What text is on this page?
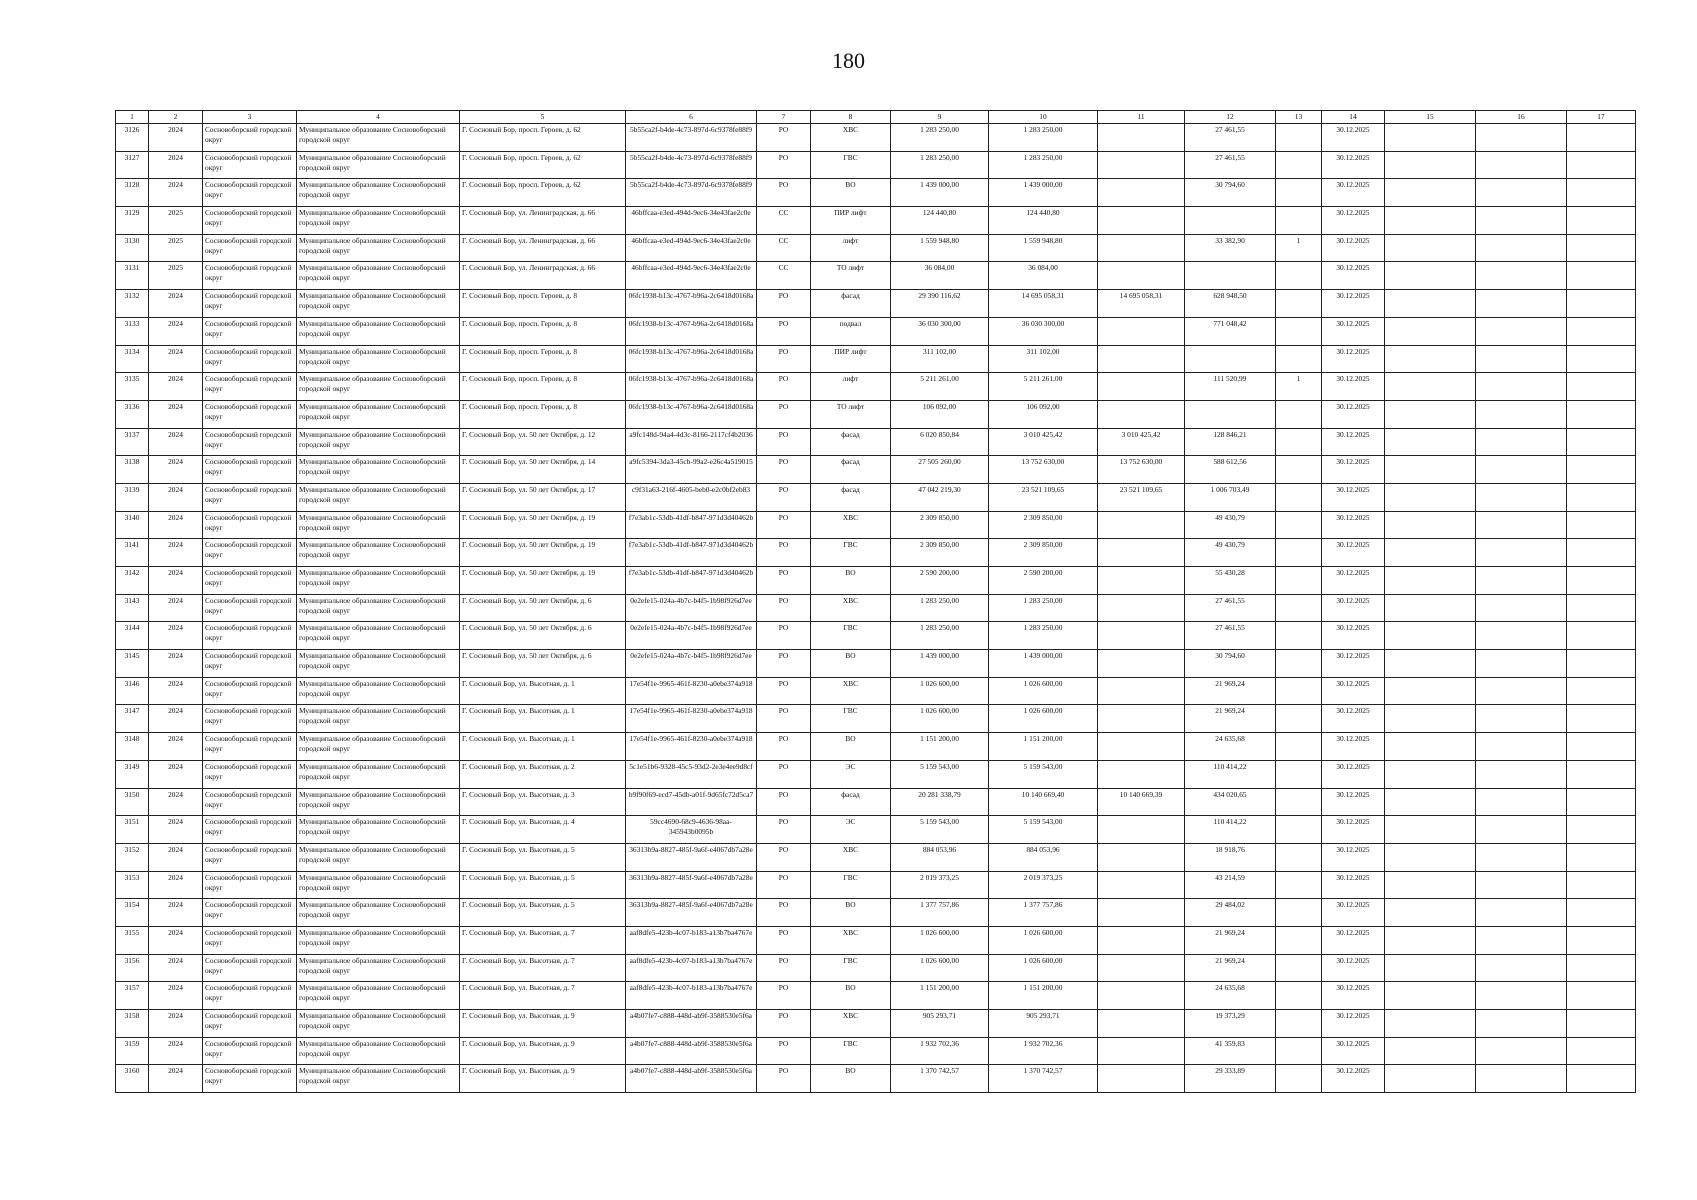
180
1	2	3	4	5	6	7	8	9	10	11	12	13	14	15	16	17
3126	2024	Сосновоборский городской округ	Муниципальное образование Сосновоборский городской округ	Г. Сосновый Бор, просп. Героев, д. 62	5b55ca2f-b4de-4c73-897d-6c9378fe88f9	РО	ХВС	1 283 250,00	1 283 250,00		27 461,55		30.12.2025			
3127	2024	Сосновоборский городской округ	Муниципальное образование Сосновоборский городской округ	Г. Сосновый Бор, просп. Героев, д. 62	5b55ca2f-b4de-4c73-897d-6c9378fe88f9	РО	ГВС	1 283 250,00	1 283 250,00		27 461,55		30.12.2025			
3128	2024	Сосновоборский городской округ	Муниципальное образование Сосновоборский городской округ	Г. Сосновый Бор, просп. Героев, д. 62	5b55ca2f-b4de-4c73-897d-6c9378fe88f9	РО	ВО	1 439 000,00	1 439 000,00		30 794,60		30.12.2025			
3129	2025	Сосновоборский городской округ	Муниципальное образование Сосновоборский городской округ	Г. Сосновый Бор, ул. Ленинградская, д. 66	46bffcaa-e3ed-494d-9ec6-34e43fae2c0e	СС	ПИР лифт	124 440,80	124 440,80				30.12.2025			
3130	2025	Сосновоборский городской округ	Муниципальное образование Сосновоборский городской округ	Г. Сосновый Бор, ул. Ленинградская, д. 66	46bffcaa-e3ed-494d-9ec6-34e43fae2c0e	СС	лифт	1 559 948,80	1 559 948,80		33 382,90	1	30.12.2025			
3131	2025	Сосновоборский городской округ	Муниципальное образование Сосновоборский городской округ	Г. Сосновый Бор, ул. Ленинградская, д. 66	46bffcaa-e3ed-494d-9ec6-34e43fae2c0e	СС	ТО лифт	36 084,00	36 084,00				30.12.2025			
3132	2024	Сосновоборский городской округ	Муниципальное образование Сосновоборский городской округ	Г. Сосновый Бор, просп. Героев, д. 8	06fc1938-b13c-4767-b96a-2c6418d0168a	РО	фасад	29 390 116,62	14 695 058,31	14 695 058,31	628 948,50		30.12.2025			
3133	2024	Сосновоборский городской округ	Муниципальное образование Сосновоборский городской округ	Г. Сосновый Бор, просп. Героев, д. 8	06fc1938-b13c-4767-b96a-2c6418d0168a	РО	подвал	36 030 300,00	36 030 300,00		771 048,42		30.12.2025			
3134	2024	Сосновоборский городской округ	Муниципальное образование Сосновоборский городской округ	Г. Сосновый Бор, просп. Героев, д. 8	06fc1938-b13c-4767-b96a-2c6418d0168a	РО	ПИР лифт	311 102,00	311 102,00				30.12.2025			
3135	2024	Сосновоборский городской округ	Муниципальное образование Сосновоборский городской округ	Г. Сосновый Бор, просп. Героев, д. 8	06fc1938-b13c-4767-b96a-2c6418d0168a	РО	лифт	5 211 261,00	5 211 261,00		111 520,99	1	30.12.2025			
3136	2024	Сосновоборский городской округ	Муниципальное образование Сосновоборский городской округ	Г. Сосновый Бор, просп. Героев, д. 8	06fc1938-b13c-4767-b96a-2c6418d0168a	РО	ТО лифт	106 092,00	106 092,00				30.12.2025			
3137	2024	Сосновоборский городской округ	Муниципальное образование Сосновоборский городской округ	Г. Сосновый Бор, ул. 50 лет Октября, д. 12	a9fc148d-94a4-4d3c-8166-2117cf4b2036	РО	фасад	6 020 850,84	3 010 425,42	3 010 425,42	128 846,21		30.12.2025			
3138	2024	Сосновоборский городской округ	Муниципальное образование Сосновоборский городской округ	Г. Сосновый Бор, ул. 50 лет Октября, д. 14	a9fc5394-3da3-45cb-99a2-e26c4a519015	РО	фасад	27 505 260,00	13 752 630,00	13 752 630,00	588 612,56		30.12.2025			
3139	2024	Сосновоборский городской округ	Муниципальное образование Сосновоборский городской округ	Г. Сосновый Бор, ул. 50 лет Октября, д. 17	c9f31a63-216f-4605-beb0-e2c0bf2eb83	РО	фасад	47 042 219,30	23 521 109,65	23 521 109,65	1 006 703,49		30.12.2025			
3140	2024	Сосновоборский городской округ	Муниципальное образование Сосновоборский городской округ	Г. Сосновый Бор, ул. 50 лет Октября, д. 19	f7e3ab1c-53db-41df-b847-971d3d40462b	РО	ХВС	2 309 850,00	2 309 850,00		49 430,79		30.12.2025			
3141	2024	Сосновоборский городской округ	Муниципальное образование Сосновоборский городской округ	Г. Сосновый Бор, ул. 50 лет Октября, д. 19	f7e3ab1c-53db-41df-b847-971d3d40462b	РО	ГВС	2 309 850,00	2 309 850,00		49 430,79		30.12.2025			
3142	2024	Сосновоборский городской округ	Муниципальное образование Сосновоборский городской округ	Г. Сосновый Бор, ул. 50 лет Октября, д. 19	f7e3ab1c-53db-41df-b847-971d3d40462b	РО	ВО	2 590 200,00	2 590 200,00		55 430,28		30.12.2025			
3143	2024	Сосновоборский городской округ	Муниципальное образование Сосновоборский городской округ	Г. Сосновый Бор, ул. 50 лет Октября, д. 6	0e2efe15-024a-4b7c-b4f5-1b98f926d7ee	РО	ХВС	1 283 250,00	1 283 250,00		27 461,55		30.12.2025			
3144	2024	Сосновоборский городской округ	Муниципальное образование Сосновоборский городской округ	Г. Сосновый Бор, ул. 50 лет Октября, д. 6	0e2efe15-024a-4b7c-b4f5-1b98f926d7ee	РО	ГВС	1 283 250,00	1 283 250,00		27 461,55		30.12.2025			
3145	2024	Сосновоборский городской округ	Муниципальное образование Сосновоборский городской округ	Г. Сосновый Бор, ул. 50 лет Октября, д. 6	0e2efe15-024a-4b7c-b4f5-1b98f926d7ee	РО	ВО	1 439 000,00	1 439 000,00		30 794,60		30.12.2025			
3146	2024	Сосновоборский городской округ	Муниципальное образование Сосновоборский городской округ	Г. Сосновый Бор, ул. Высотная, д. 1	17e54f1e-9965-461f-8230-a0ebe374a918	РО	ХВС	1 026 600,00	1 026 600,00		21 969,24		30.12.2025			
3147	2024	Сосновоборский городской округ	Муниципальное образование Сосновоборский городской округ	Г. Сосновый Бор, ул. Высотная, д. 1	17e54f1e-9965-461f-8230-a0ebe374a918	РО	ГВС	1 026 600,00	1 026 600,00		21 969,24		30.12.2025			
3148	2024	Сосновоборский городской округ	Муниципальное образование Сосновоборский городской округ	Г. Сосновый Бор, ул. Высотная, д. 1	17e54f1e-9965-461f-8230-a0ebe374a918	РО	ВО	1 151 200,00	1 151 200,00		24 635,68		30.12.2025			
3149	2024	Сосновоборский городской округ	Муниципальное образование Сосновоборский городской округ	Г. Сосновый Бор, ул. Высотная, д. 2	5c1e51b6-9328-45c5-93d2-2e3e4ee9d8cf	РО	ЭС	5 159 543,00	5 159 543,00		110 414,22		30.12.2025			
3150	2024	Сосновоборский городской округ	Муниципальное образование Сосновоборский городской округ	Г. Сосновый Бор, ул. Высотная, д. 3	b9f90f69-ecd7-45db-a01f-9d65fc72d5ca7	РО	фасад	20 281 338,79	10 140 669,40	10 140 669,39	434 020,65		30.12.2025			
3151	2024	Сосновоборский городской округ	Муниципальное образование Сосновоборский городской округ	Г. Сосновый Бор, ул. Высотная, д. 4	59cc4690-68c9-4636-98aa-345943b0095b	РО	ЭС	5 159 543,00	5 159 543,00		110 414,22		30.12.2025			
3152	2024	Сосновоборский городской округ	Муниципальное образование Сосновоборский городской округ	Г. Сосновый Бор, ул. Высотная, д. 5	36313b9a-8827-485f-9a6f-e4067db7a28e	РО	ХВС	884 053,96	884 053,96		18 918,76		30.12.2025			
3153	2024	Сосновоборский городской округ	Муниципальное образование Сосновоборский городской округ	Г. Сосновый Бор, ул. Высотная, д. 5	36313b9a-8827-485f-9a6f-e4067db7a28e	РО	ГВС	2 019 373,25	2 019 373,25		43 214,59		30.12.2025			
3154	2024	Сосновоборский городской округ	Муниципальное образование Сосновоборский городской округ	Г. Сосновый Бор, ул. Высотная, д. 5	36313b9a-8827-485f-9a6f-e4067db7a28e	РО	ВО	1 377 757,86	1 377 757,86		29 484,02		30.12.2025			
3155	2024	Сосновоборский городской округ	Муниципальное образование Сосновоборский городской округ	Г. Сосновый Бор, ул. Высотная, д. 7	aaf8dfe5-423b-4c07-b183-a13b7ba4767e	РО	ХВС	1 026 600,00	1 026 600,00		21 969,24		30.12.2025			
3156	2024	Сосновоборский городской округ	Муниципальное образование Сосновоборский городской округ	Г. Сосновый Бор, ул. Высотная, д. 7	aaf8dfe5-423b-4c07-b183-a13b7ba4767e	РО	ГВС	1 026 600,00	1 026 600,00		21 969,24		30.12.2025			
3157	2024	Сосновоборский городской округ	Муниципальное образование Сосновоборский городской округ	Г. Сосновый Бор, ул. Высотная, д. 7	aaf8dfe5-423b-4c07-b183-a13b7ba4767e	РО	ВО	1 151 200,00	1 151 200,00		24 635,68		30.12.2025			
3158	2024	Сосновоборский городской округ	Муниципальное образование Сосновоборский городской округ	Г. Сосновый Бор, ул. Высотная, д. 9	a4b07fe7-c888-448d-ab9f-3588530e5f6a	РО	ХВС	905 293,71	905 293,71		19 373,29		30.12.2025			
3159	2024	Сосновоборский городской округ	Муниципальное образование Сосновоборский городской округ	Г. Сосновый Бор, ул. Высотная, д. 9	a4b07fe7-c888-448d-ab9f-3588530e5f6a	РО	ГВС	1 932 702,36	1 932 702,36		41 359,83		30.12.2025			
3160	2024	Сосновоборский городской округ	Муниципальное образование Сосновоборский городской округ	Г. Сосновый Бор, ул. Высотная, д. 9	a4b07fe7-c888-448d-ab9f-3588530e5f6a	РО	ВО	1 370 742,57	1 370 742,57		29 333,89		30.12.2025			
